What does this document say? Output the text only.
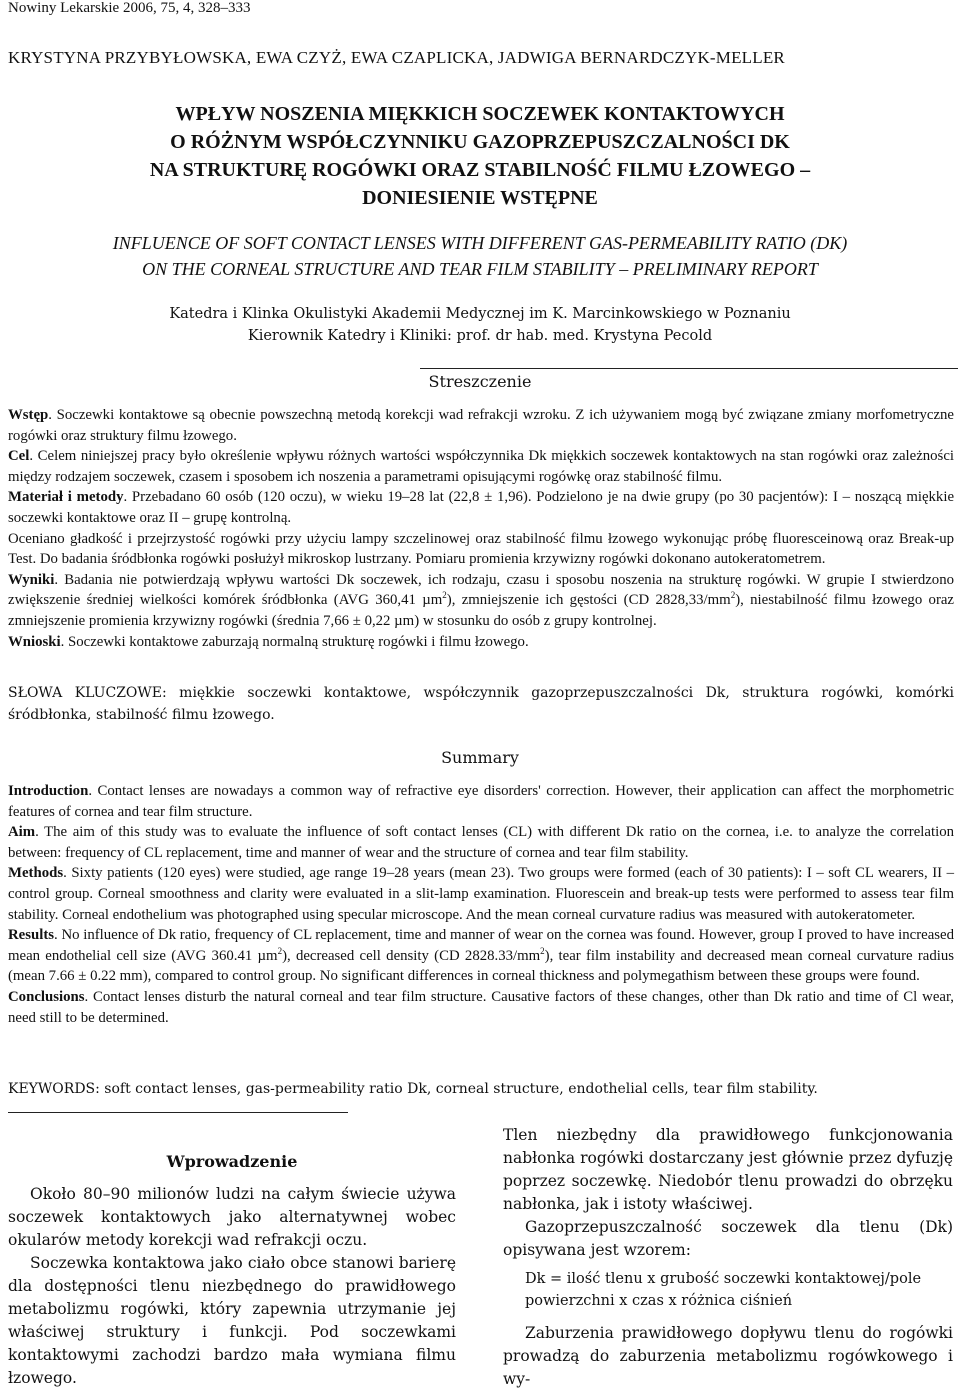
Nowiny Lekarskie 2006, 75, 4, 328–333
KRYSTYNA PRZYBYŁOWSKA, EWA CZYŻ, EWA CZAPLICKA, JADWIGA BERNARDCZYK-MELLER
WPŁYW NOSZENIA MIĘKKICH SOCZEWEK KONTAKTOWYCH
O RÓŻNYM WSPÓŁCZYNNIKU GAZOPRZEPUSZCZALNOŚCI DK
NA STRUKTURĘ ROGÓWKI ORAZ STABILNOŚĆ FILMU ŁZOWEGO –
DONIESIENIE WSTĘPNE
INFLUENCE OF SOFT CONTACT LENSES WITH DIFFERENT GAS-PERMEABILITY RATIO (DK)
ON THE CORNEAL STRUCTURE AND TEAR FILM STABILITY – PRELIMINARY REPORT
Katedra i Klinka Okulistyki Akademii Medycznej im K. Marcinkowskiego w Poznaniu
Kierownik Katedry i Kliniki: prof. dr hab. med. Krystyna Pecold
Streszczenie

Wstęp. Soczewki kontaktowe są obecnie powszechną metodą korekcji wad refrakcji wzroku. Z ich używaniem mogą być związane zmiany morfometryczne rogówki oraz struktury filmu łzowego.

Cel. Celem niniejszej pracy było określenie wpływu różnych wartości współczynnika Dk miękkich soczewek kontaktowych na stan rogówki oraz zależności między rodzajem soczewek, czasem i sposobem ich noszenia a parametrami opisującymi rogówkę oraz stabilność filmu.

Materiał i metody. Przebadano 60 osób (120 oczu), w wieku 19–28 lat (22,8 ± 1,96). Podzielono je na dwie grupy (po 30 pacjentów): I – noszącą miękkie soczewki kontaktowe oraz II – grupę kontrolną.

Oceniano gładkość i przejrzystość rogówki przy użyciu lampy szczelinowej oraz stabilność filmu łzowego wykonując próbę fluoresceinową oraz Break-up Test. Do badania śródbłonka rogówki posłużył mikroskop lustrzany. Pomiaru promienia krzywizny rogówki dokonano autokeratometrem.

Wyniki. Badania nie potwierdzają wpływu wartości Dk soczewek, ich rodzaju, czasu i sposobu noszenia na strukturę rogówki. W grupie I stwierdzono zwiększenie średniej wielkości komórek śródbłonka (AVG 360,41 µm$^2$), zmniejszenie ich gęstości (CD $2828,33/mm^2$), niestabilność filmu łzowego oraz zmniejszenie promienia krzywizny rogówki (średnia 7,66 ± 0,22 µm) w stosunku do osób z grupy kontrolnej.

Wnioski. Soczewki kontaktowe zaburzają normalną strukturę rogówki i filmu łzowego.

SŁOWA KLUCZOWE: miękkie soczewki kontaktowe, współczynnik gazoprzepuszczalności Dk, struktura rogówki, komórki śródbłonka, stabilność filmu łzowego.
Summary

Introduction. Contact lenses are nowadays a common way of refractive eye disorders' correction. However, their application can affect the morphometric features of cornea and tear film structure.

Aim. The aim of this study was to evaluate the influence of soft contact lenses (CL) with different Dk ratio on the cornea, i.e. to analyze the correlation between: frequency of CL replacement, time and manner of wear and the structure of cornea and tear film stability.

Methods. Sixty patients (120 eyes) were studied, age range 19–28 years (mean 23). Two groups were formed (each of 30 patients): I – soft CL wearers, II – control group. Corneal smoothness and clarity were evaluated in a slit-lamp examination. Fluorescein and break-up tests were performed to assess tear film stability. Corneal endothelium was photographed using specular microscope. And the mean corneal curvature radius was measured with autokeratometer.

Results. No influence of Dk ratio, frequency of CL replacement, time and manner of wear on the cornea was found. However, group I proved to have increased mean endothelial cell size (AVG 360.41 µm$^2$), decreased cell density (CD $2828.33/mm^2$), tear film instability and decreased mean corneal curvature radius (mean 7.66 ± 0.22 mm), compared to control group. No significant differences in corneal thickness and polymegathism between these groups were found.

Conclusions. Contact lenses disturb the natural corneal and tear film structure. Causative factors of these changes, other than Dk ratio and time of Cl wear, need still to be determined.

KEYWORDS: soft contact lenses, gas-permeability ratio Dk, corneal structure, endothelial cells, tear film stability.

Wprowadzenie

Około 80–90 milionów ludzi na całym świecie używa soczewek kontaktowych jako alternatywnej wobec okularów metody korekcji wad refrakcji oczu.

Soczewka kontaktowa jako ciało obce stanowi barierę dla dostępności tlenu niezbędnego do prawidłowego metabolizmu rogówki, który zapewnia utrzymanie jej właściwej struktury i funkcji. Pod soczewkami kontaktowymi zachodzi bardzo mała wymiana filmu łzowego.

Tlen niezbędny dla prawidłowego funkcjonowania nabłonka rogówki dostarczany jest głównie przez dyfuzję poprzez soczewkę. Niedobór tlenu prowadzi do obrzęku nabłonka, jak i istoty właściwej.

Gazoprzepuszczalność soczewek dla tlenu (Dk) opisywana jest wzorem:

Dk = ilość tlenu x grubość soczewki kontaktowej/pole powierzchni x czas x różnica ciśnień

Zaburzenia prawidłowego dopływu tlenu do rogówki prowadzą do zaburzenia metabolizmu rogówkowego i wy-
